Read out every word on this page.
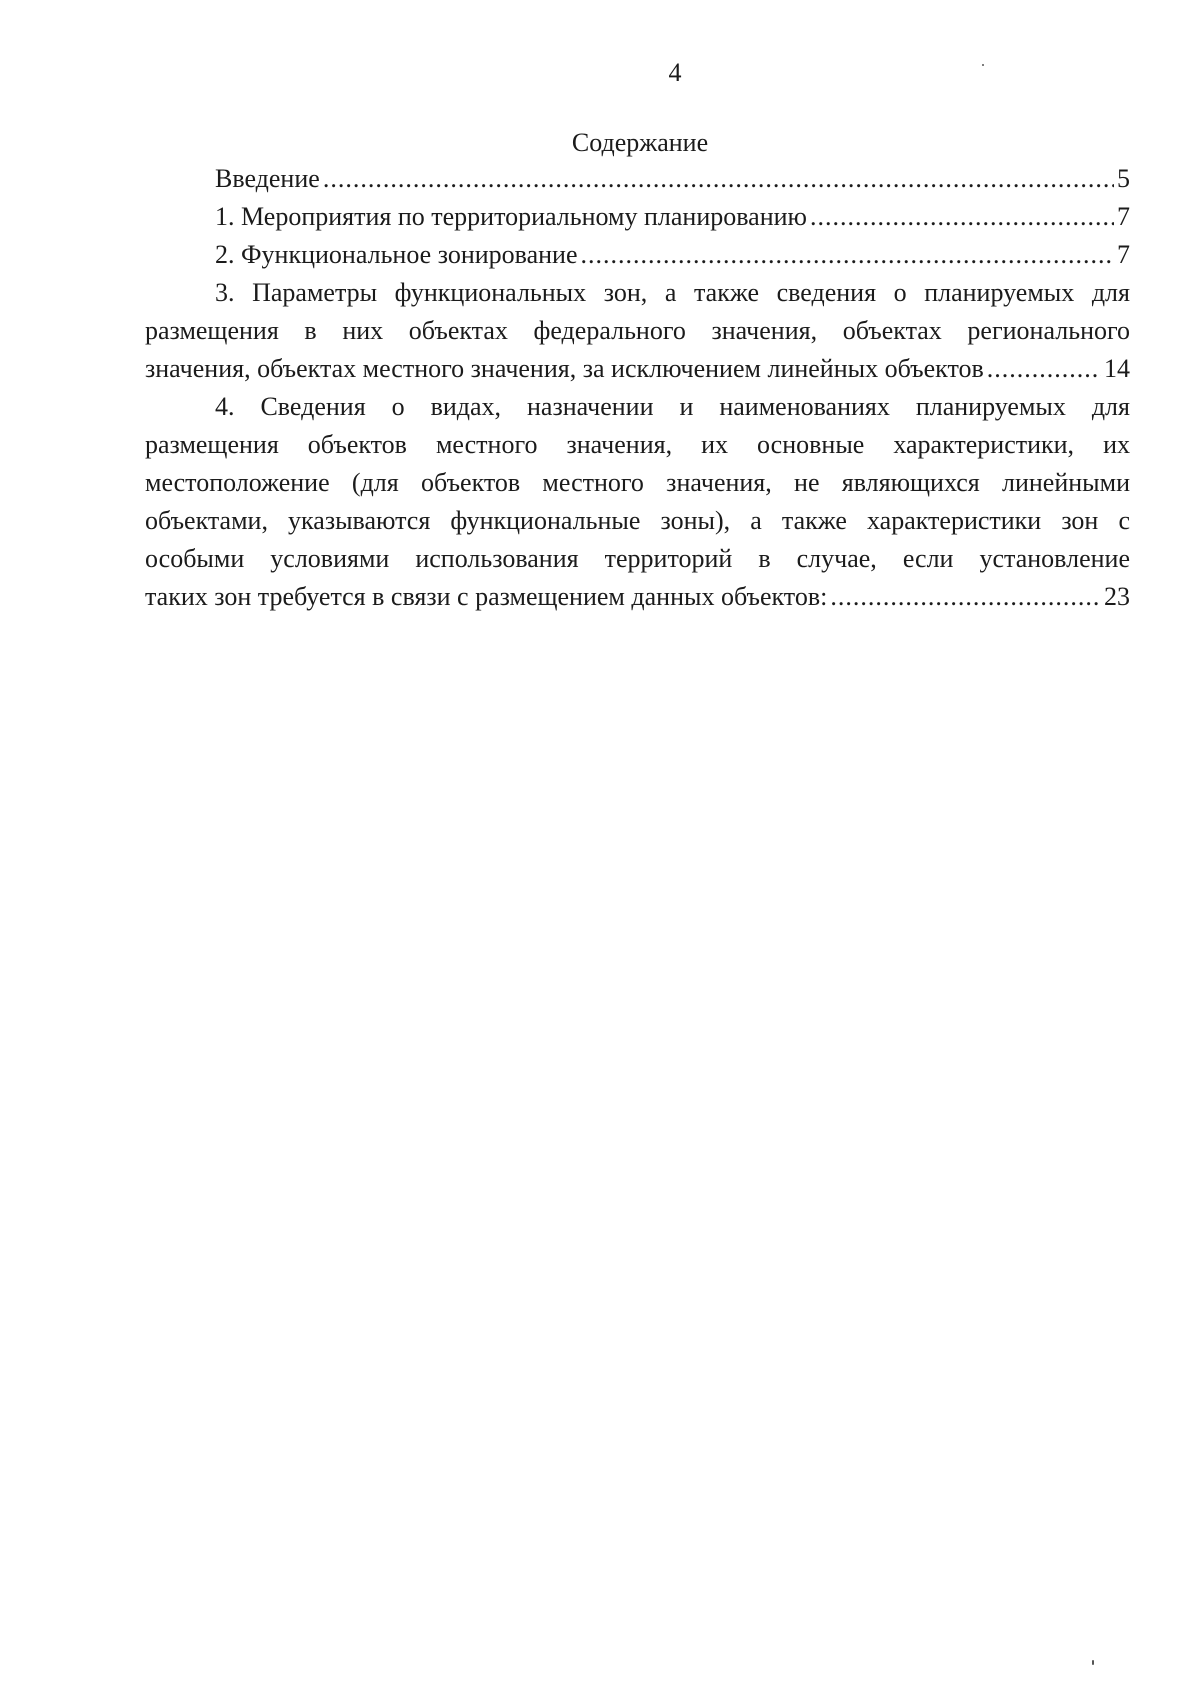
4
Содержание
Введение .....	5
1. Мероприятия по территориальному планированию .....	7
2. Функциональное зонирование .....	7
3. Параметры функциональных зон, а также сведения о планируемых для
размещения в них объектах федерального значения, объектах регионального
значения, объектах местного значения, за исключением линейных объектов .....	14
4. Сведения о видах, назначении и наименованиях планируемых для
размещения объектов местного значения, их основные характеристики, их
местоположение (для объектов местного значения, не являющихся линейными
объектами, указываются функциональные зоны), а также характеристики зон с
особыми условиями использования территорий в случае, если установление
таких зон требуется в связи с размещением данных объектов: .....	23
